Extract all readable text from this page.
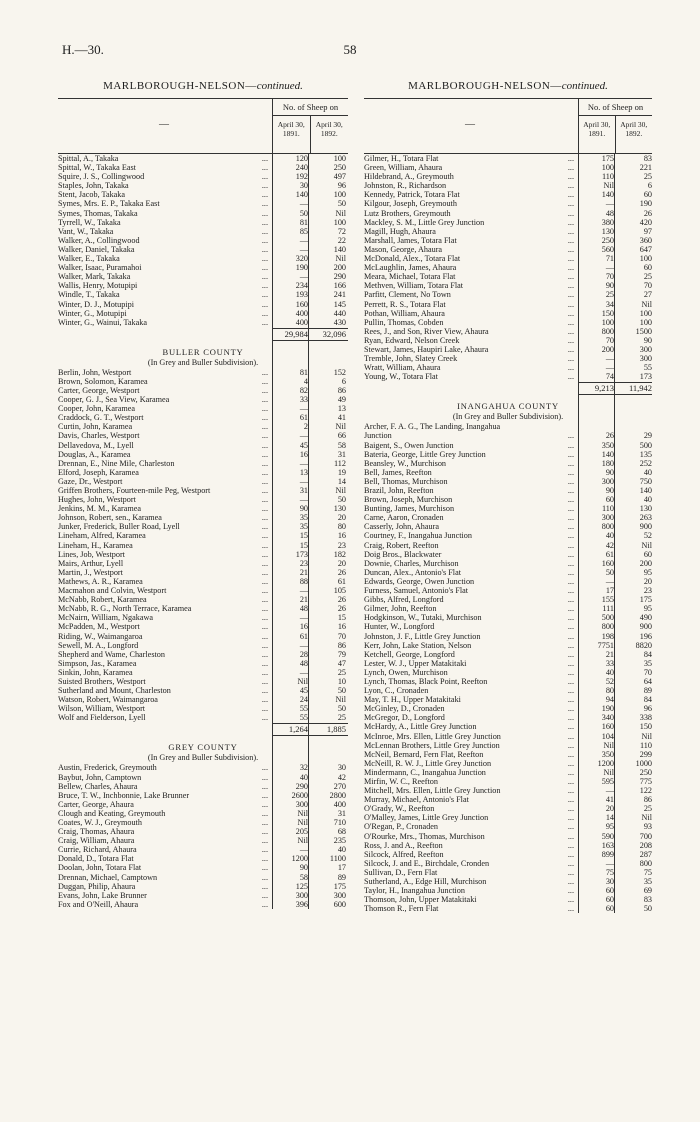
H.—30.	58
MARLBOROUGH-NELSON—continued.
—
No. of Sheep on
April 30, 1891.
April 30, 1892.
Spittal, A., Takaka	...	120	100
Spittal, W., Takaka East	...	240	250
Squire, J. S., Collingwood	...	192	497
Staples, John, Takaka	...	30	96
Stent, Jacob, Takaka	...	140	100
Symes, Mrs. E. P., Takaka East	...	—	50
Symes, Thomas, Takaka	...	50	Nil
Tyrrell, W., Takaka	...	81	100
Vant, W., Takaka	...	85	72
Walker, A., Collingwood	...	—	22
Walker, Daniel, Takaka	...	—	140
Walker, E., Takaka	...	320	Nil
Walker, Isaac, Puramahoi	...	190	200
Walker, Mark, Takaka	...	—	290
Wallis, Henry, Motupipi	...	234	166
Windle, T., Takaka	...	193	241
Winter, D. J., Motupipi	...	160	145
Winter, G., Motupipi	...	400	440
Winter, G., Wainui, Takaka	...	400	430
29,984	32,096
BULLER COUNTY
(In Grey and Buller Subdivision).
Berlin, John, Westport	...	81	152
Brown, Solomon, Karamea	...	4	6
Carter, George, Westport	...	82	86
Cooper, G. J., Sea View, Karamea	...	33	49
Cooper, John, Karamea	...	—	13
Craddock, G. T., Westport	...	61	41
Curtin, John, Karamea	...	2	Nil
Davis, Charles, Westport	...	—	66
Dellavedova, M., Lyell	...	45	58
Douglas, A., Karamea	...	16	31
Drennan, E., Nine Mile, Charleston	...	—	112
Elford, Joseph, Karamea	...	13	19
Gaze, Dr., Westport	...	—	14
Griffen Brothers, Fourteen-mile Peg, Westport	...	31	Nil
Hughes, John, Westport	...	—	50
Jenkins, M. M., Karamea	...	90	130
Johnson, Robert, sen., Karamea	...	35	20
Junker, Frederick, Buller Road, Lyell	...	35	80
Lineham, Alfred, Karamea	...	15	16
Lineham, H., Karamea	...	15	23
Lines, Job, Westport	...	173	182
Mairs, Arthur, Lyell	...	23	20
Martin, J., Westport	...	21	26
Mathews, A. R., Karamea	...	88	61
Macmahon and Colvin, Westport	...	—	105
McNabb, Robert, Karamea	...	21	26
McNabb, R. G., North Terrace, Karamea	...	48	26
McNairn, William, Ngakawa	...	—	15
McPadden, M., Westport	...	16	16
Riding, W., Waimangaroa	...	61	70
Sewell, M. A., Longford	...	—	86
Shepherd and Wame, Charleston	...	28	79
Simpson, Jas., Karamea	...	48	47
Sinkin, John, Karamea	...	—	25
Suisted Brothers, Westport	...	Nil	10
Sutherland and Mount, Charleston	...	45	50
Watson, Robert, Waimangaroa	...	24	Nil
Wilson, William, Westport	...	55	50
Wolf and Fielderson, Lyell	...	55	25
1,264	1,885
GREY COUNTY
(In Grey and Buller Subdivision).
Austin, Frederick, Greymouth	...	32	30
Baybut, John, Camptown	...	40	42
Bellew, Charles, Ahaura	...	290	270
Bruce, T. W., Inchbonnie, Lake Brunner	...	2600	2800
Carter, George, Ahaura	...	300	400
Clough and Keating, Greymouth	...	Nil	31
Coates, W. J., Greymouth	...	Nil	710
Craig, Thomas, Ahaura	...	205	68
Craig, William, Ahaura	...	Nil	235
Currie, Richard, Ahaura	...	—	40
Donald, D., Totara Flat	...	1200	1100
Doolan, John, Totara Flat	...	90	17
Drennan, Michael, Camptown	...	58	89
Duggan, Philip, Ahaura	...	125	175
Evans, John, Lake Brunner	...	300	300
Fox and O'Neill, Ahaura	...	396	600
MARLBOROUGH-NELSON—continued.
—
No. of Sheep on
April 30, 1891.
April 30, 1892.
Gilmer, H., Totara Flat	...	175	83
Green, William, Ahaura	...	100	221
Hildebrand, A., Greymouth	...	110	25
Johnston, R., Richardson	...	Nil	6
Kennedy, Patrick, Totara Flat	...	140	60
Kilgour, Joseph, Greymouth	...	—	190
Lutz Brothers, Greymouth	...	48	26
Mackley, S. M., Little Grey Junction	...	380	420
Magill, Hugh, Ahaura	...	130	97
Marshall, James, Totara Flat	...	250	360
Mason, George, Ahaura	...	560	647
McDonald, Alex., Totara Flat	...	71	100
McLaughlin, James, Ahaura	...	—	60
Meara, Michael, Totara Flat	...	70	25
Methven, William, Totara Flat	...	90	70
Parfitt, Clement, No Town	...	25	27
Perrett, R. S., Totara Flat	...	34	Nil
Pothan, William, Ahaura	...	150	100
Pullin, Thomas, Cobden	...	100	100
Rees, J., and Son, River View, Ahaura	...	800	1500
Ryan, Edward, Nelson Creek	...	70	90
Stewart, James, Haupiri Lake, Ahaura	...	200	300
Tremble, John, Slatey Creek	...	—	300
Wratt, William, Ahaura	...	—	55
Young, W., Totara Flat	...	74	173
9,213	11,942
INANGAHUA COUNTY
(In Grey and Buller Subdivision).
Archer, F. A. G., The Landing, Inangahua
Junction	...	26	29
Baigent, S., Owen Junction	...	350	500
Bateria, George, Little Grey Junction	...	140	135
Beansley, W., Murchison	...	180	252
Bell, James, Reefton	...	90	40
Bell, Thomas, Murchison	...	300	750
Brazil, John, Reefton	...	90	140
Brown, Joseph, Murchison	...	60	40
Bunting, James, Murchison	...	110	130
Carne, Aaron, Cronaden	...	300	263
Casserly, John, Ahaura	...	800	900
Courtney, F., Inangahua Junction	...	40	52
Craig, Robert, Reefton	...	42	Nil
Doig Bros., Blackwater	...	61	60
Downie, Charles, Murchison	...	160	200
Duncan, Alex., Antonio's Flat	...	50	95
Edwards, George, Owen Junction	...	—	20
Furness, Samuel, Antonio's Flat	...	17	23
Gibbs, Alfred, Longford	...	155	175
Gilmer, John, Reefton	...	111	95
Hodgkinson, W., Tutaki, Murchison	...	500	490
Hunter, W., Longford	...	800	900
Johnston, J. F., Little Grey Junction	...	198	196
Kerr, John, Lake Station, Nelson	...	7751	8820
Ketchell, George, Longford	...	21	84
Lester, W. J., Upper Matakitaki	...	33	35
Lynch, Owen, Murchison	...	40	70
Lynch, Thomas, Black Point, Reefton	...	52	64
Lyon, C., Cronaden	...	80	89
May, T. H., Upper Matakitaki	...	94	84
McGinley, D., Cronaden	...	190	96
McGregor, D., Longford	...	340	338
McHardy, A., Little Grey Junction	...	160	150
McInroe, Mrs. Ellen, Little Grey Junction	...	104	Nil
McLennan Brothers, Little Grey Junction	...	Nil	110
McNeil, Bernard, Fern Flat, Reefton	...	350	299
McNeill, R. W. J., Little Grey Junction	...	1200	1000
Mindermann, C., Inangahua Junction	...	Nil	250
Mirfin, W. C., Reefton	...	595	775
Mitchell, Mrs. Ellen, Little Grey Junction	...	—	122
Murray, Michael, Antonio's Flat	...	41	86
O'Grady, W., Reefton	...	20	25
O'Malley, James, Little Grey Junction	...	14	Nil
O'Regan, P., Cronaden	...	95	93
O'Rourke, Mrs., Thomas, Murchison	...	590	700
Ross, J. and A., Reefton	...	163	208
Silcock, Alfred, Reefton	...	899	287
Silcock, J. and E., Birchdale, Cronden	...	—	800
Sullivan, D., Fern Flat	...	75	75
Sutherland, A., Edge Hill, Murchison	...	30	35
Taylor, H., Inangahua Junction	...	60	69
Thomson, John, Upper Matakitaki	...	60	83
Thomson R., Fern Flat	...	60	50
